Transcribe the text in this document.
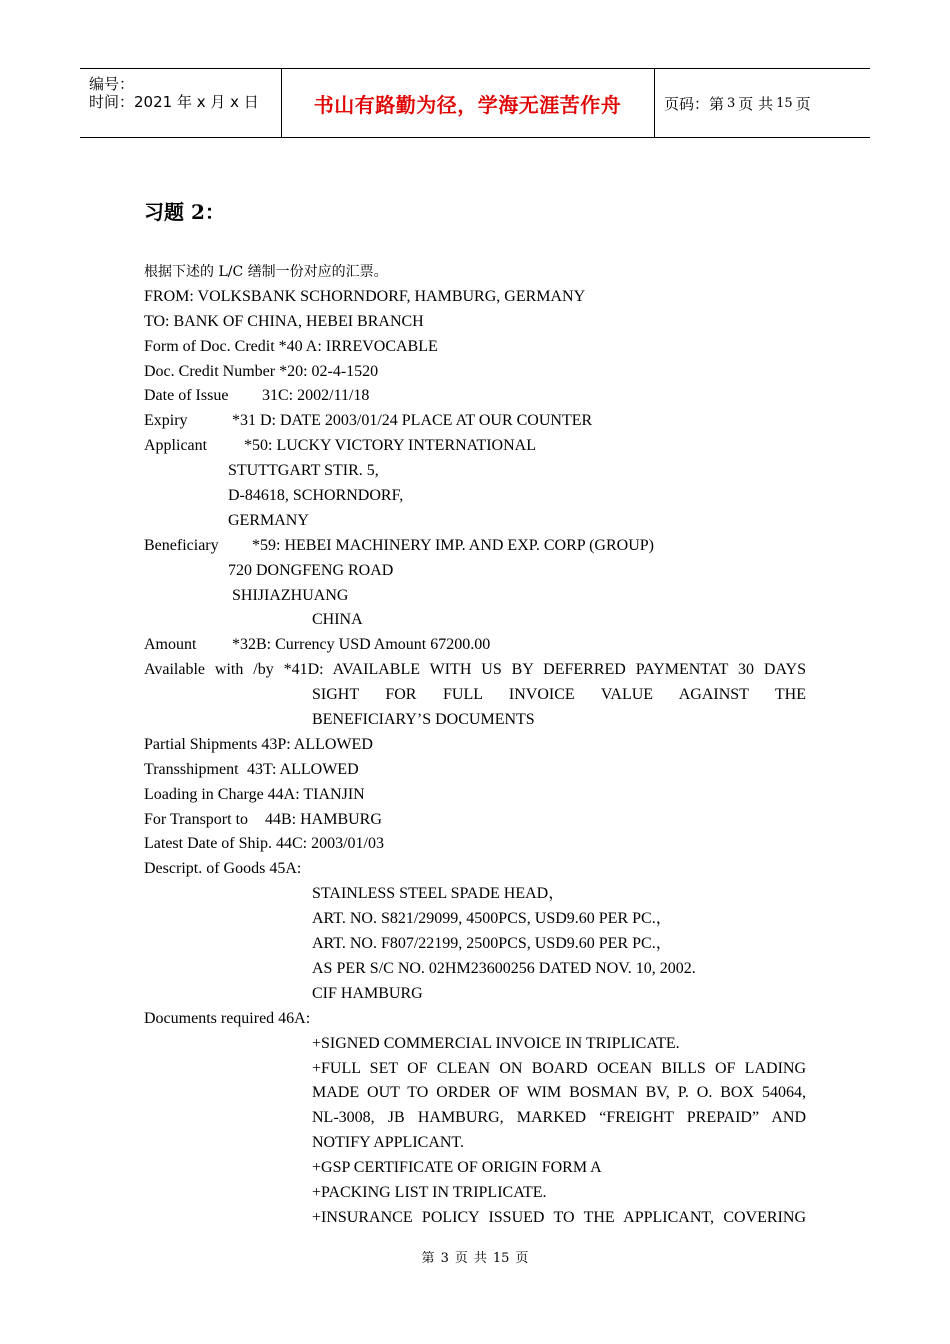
编号：
时间：2021 年 x 月 x 日	书山有路勤为径，学海无涯苦作舟	页码：第 3 页 共 15 页
习题 2：
根据下述的 L/C 缮制一份对应的汇票。
FROM: VOLKSBANK SCHORNDORF, HAMBURG, GERMANY
TO: BANK OF CHINA, HEBEI BRANCH
Form of Doc. Credit *40 A: IRREVOCABLE
Doc. Credit Number *20: 02-4-1520
Date of Issue 31C: 2002/11/18
Expiry	*31 D: DATE 2003/01/24 PLACE AT OUR COUNTER
Applicant *50: LUCKY VICTORY INTERNATIONAL
STUTTGART STIR. 5,
D-84618, SCHORNDORF,
GERMANY
Beneficiary *59: HEBEI MACHINERY IMP. AND EXP. CORP (GROUP)
720 DONGFENG ROAD
SHIJIAZHUANG
CHINA
Amount *32B: Currency USD Amount 67200.00
Available with /by *41D: AVAILABLE WITH US BY DEFERRED PAYMENTAT 30 DAYS
SIGHT FOR FULL INVOICE VALUE AGAINST THE
BENEFICIARY’S DOCUMENTS
Partial Shipments 43P: ALLOWED
Transshipment 43T: ALLOWED
Loading in Charge 44A: TIANJIN
For Transport to 44B: HAMBURG
Latest Date of Ship. 44C: 2003/01/03
Descript. of Goods 45A:
STAINLESS STEEL SPADE HEAD，
ART. NO. S821/29099, 4500PCS, USD9.60 PER PC.，
ART. NO. F807/22199, 2500PCS, USD9.60 PER PC.，
AS PER S/C NO. 02HM23600256 DATED NOV. 10, 2002.
CIF HAMBURG
Documents required 46A:
+SIGNED COMMERCIAL INVOICE IN TRIPLICATE.
+FULL SET OF CLEAN ON BOARD OCEAN BILLS OF LADING
MADE OUT TO ORDER OF WIM BOSMAN BV, P. O. BOX 54064,
NL-3008, JB HAMBURG, MARKED “FREIGHT PREPAID” AND
NOTIFY APPLICANT.
+GSP CERTIFICATE OF ORIGIN FORM A
+PACKING LIST IN TRIPLICATE.
+INSURANCE POLICY ISSUED TO THE APPLICANT, COVERING
第 3 页 共 15 页
